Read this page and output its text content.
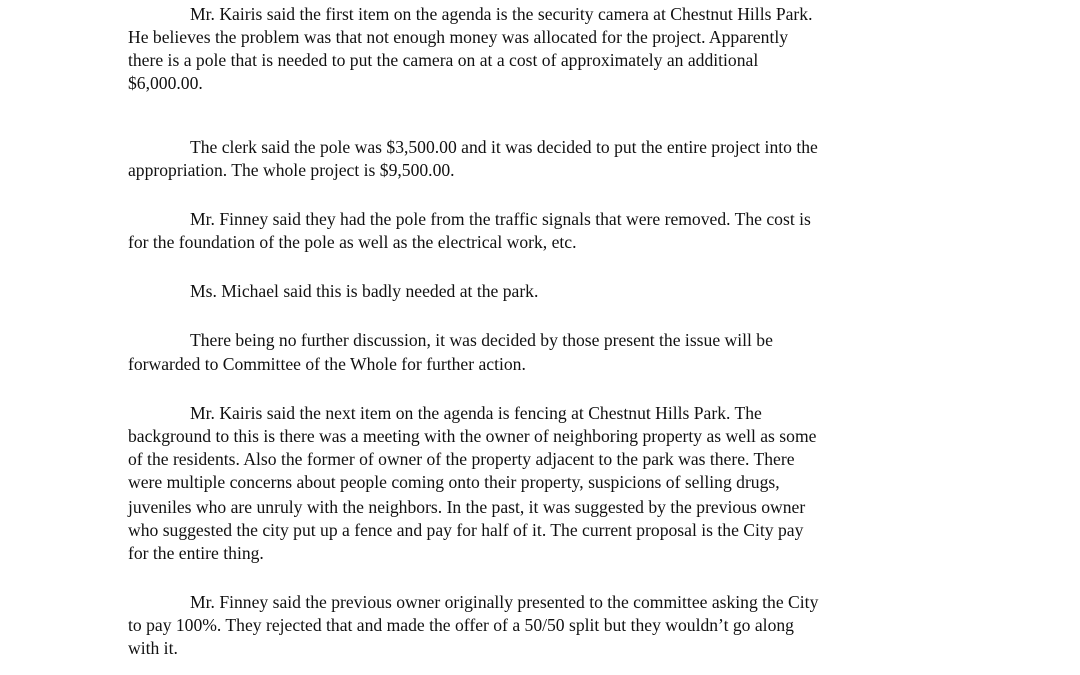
Mr. Kairis said the first item on the agenda is the security camera at Chestnut Hills Park.

He believes the problem was that not enough money was allocated for the project. Apparently

there is a pole that is needed to put the camera on at a cost of approximately an additional

$6,000.00.

The clerk said the pole was $3,500.00 and it was decided to put the entire project into the

appropriation. The whole project is $9,500.00.

Mr. Finney said they had the pole from the traffic signals that were removed. The cost is

for the foundation of the pole as well as the electrical work, etc.

Ms. Michael said this is badly needed at the park.

There being no further discussion, it was decided by those present the issue will be

forwarded to Committee of the Whole for further action.

Mr. Kairis said the next item on the agenda is fencing at Chestnut Hills Park. The

background to this is there was a meeting with the owner of neighboring property as well as some

of the residents. Also the former of owner of the property adjacent to the park was there. There

were multiple concerns about people coming onto their property, suspicions of selling drugs,

juveniles who are unruly with the neighbors. In the past, it was suggested by the previous owner

who suggested the city put up a fence and pay for half of it. The current proposal is the City pay

for the entire thing.

Mr. Finney said the previous owner originally presented to the committee asking the City

to pay 100%. They rejected that and made the offer of a 50/50 split but they wouldn’t go along

with it.
